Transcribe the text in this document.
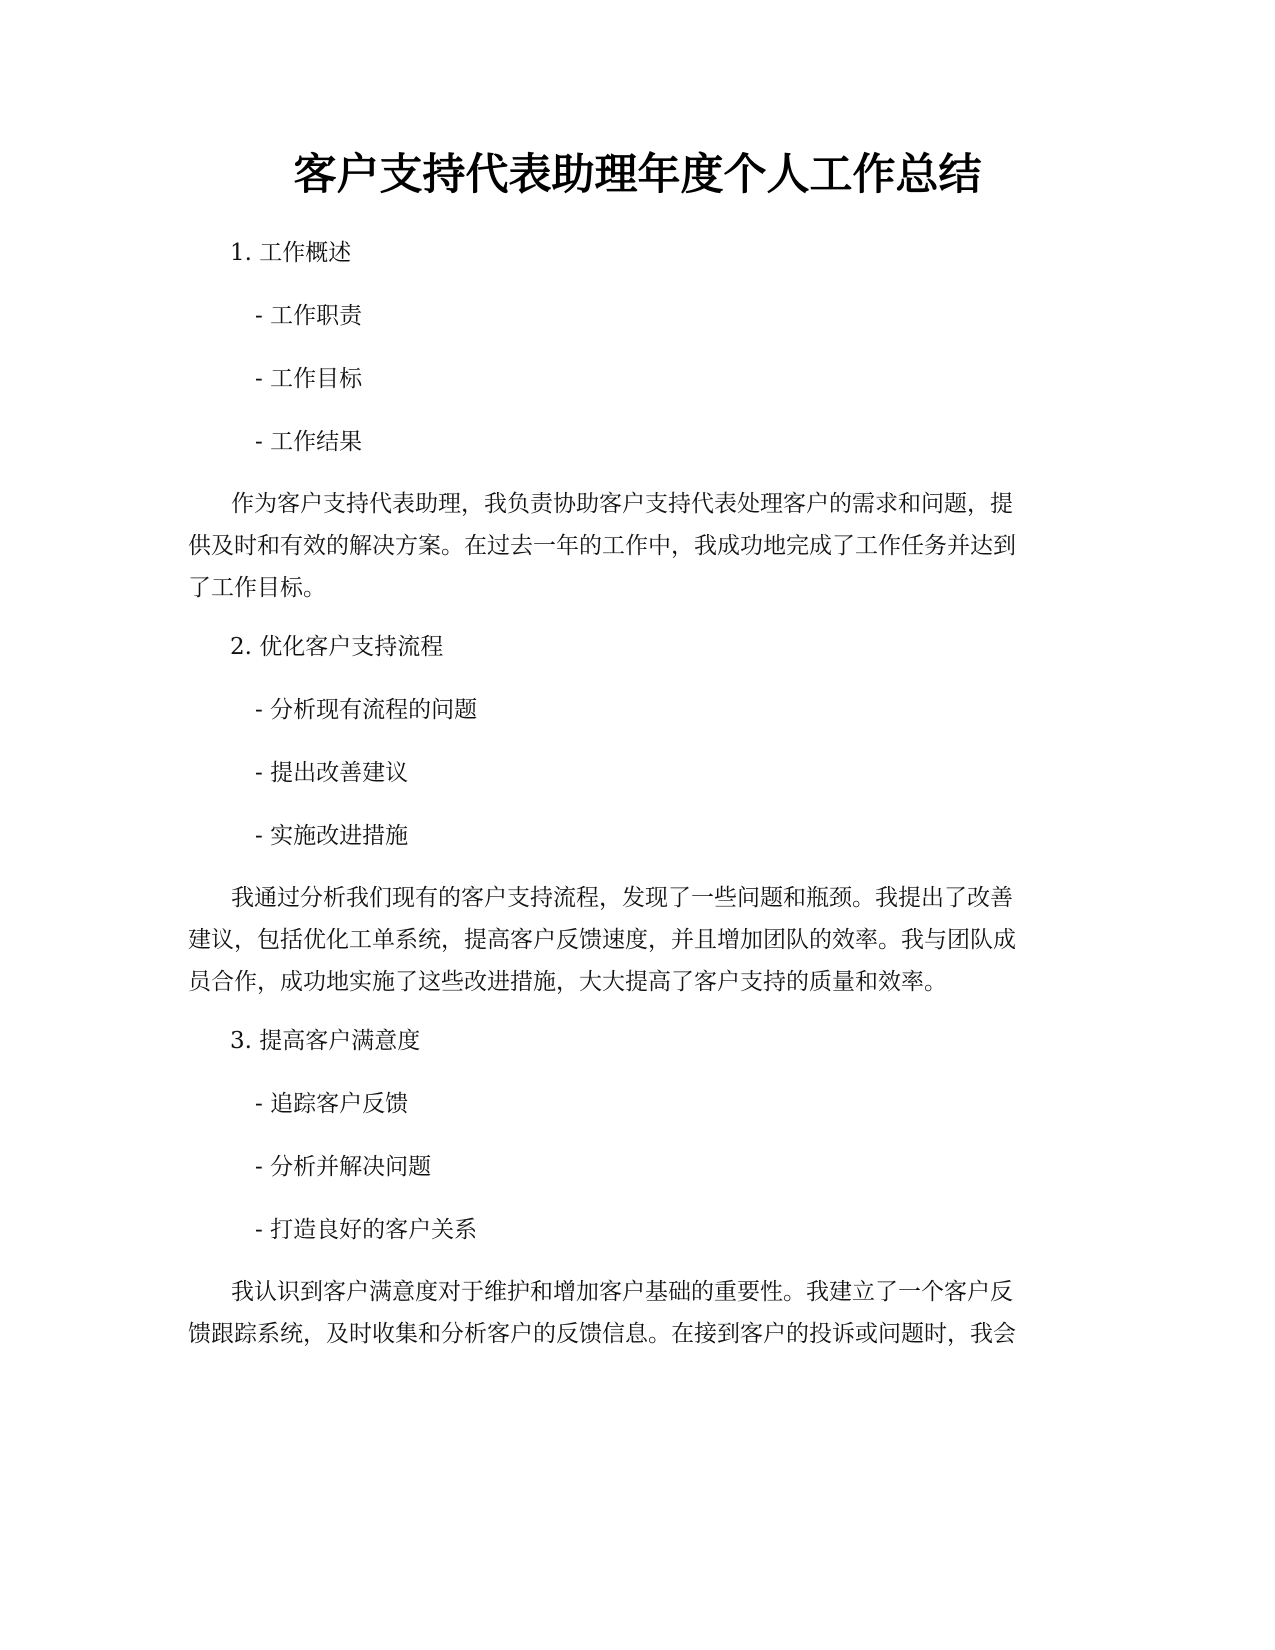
客户支持代表助理年度个人工作总结
1. 工作概述
- 工作职责
- 工作目标
- 工作结果
作为客户支持代表助理，我负责协助客户支持代表处理客户的需求和问题，提
供及时和有效的解决方案。在过去一年的工作中，我成功地完成了工作任务并达到
了工作目标。
2. 优化客户支持流程
- 分析现有流程的问题
- 提出改善建议
- 实施改进措施
我通过分析我们现有的客户支持流程，发现了一些问题和瓶颈。我提出了改善
建议，包括优化工单系统，提高客户反馈速度，并且增加团队的效率。我与团队成
员合作，成功地实施了这些改进措施，大大提高了客户支持的质量和效率。
3. 提高客户满意度
- 追踪客户反馈
- 分析并解决问题
- 打造良好的客户关系
我认识到客户满意度对于维护和增加客户基础的重要性。我建立了一个客户反
馈跟踪系统，及时收集和分析客户的反馈信息。在接到客户的投诉或问题时，我会
